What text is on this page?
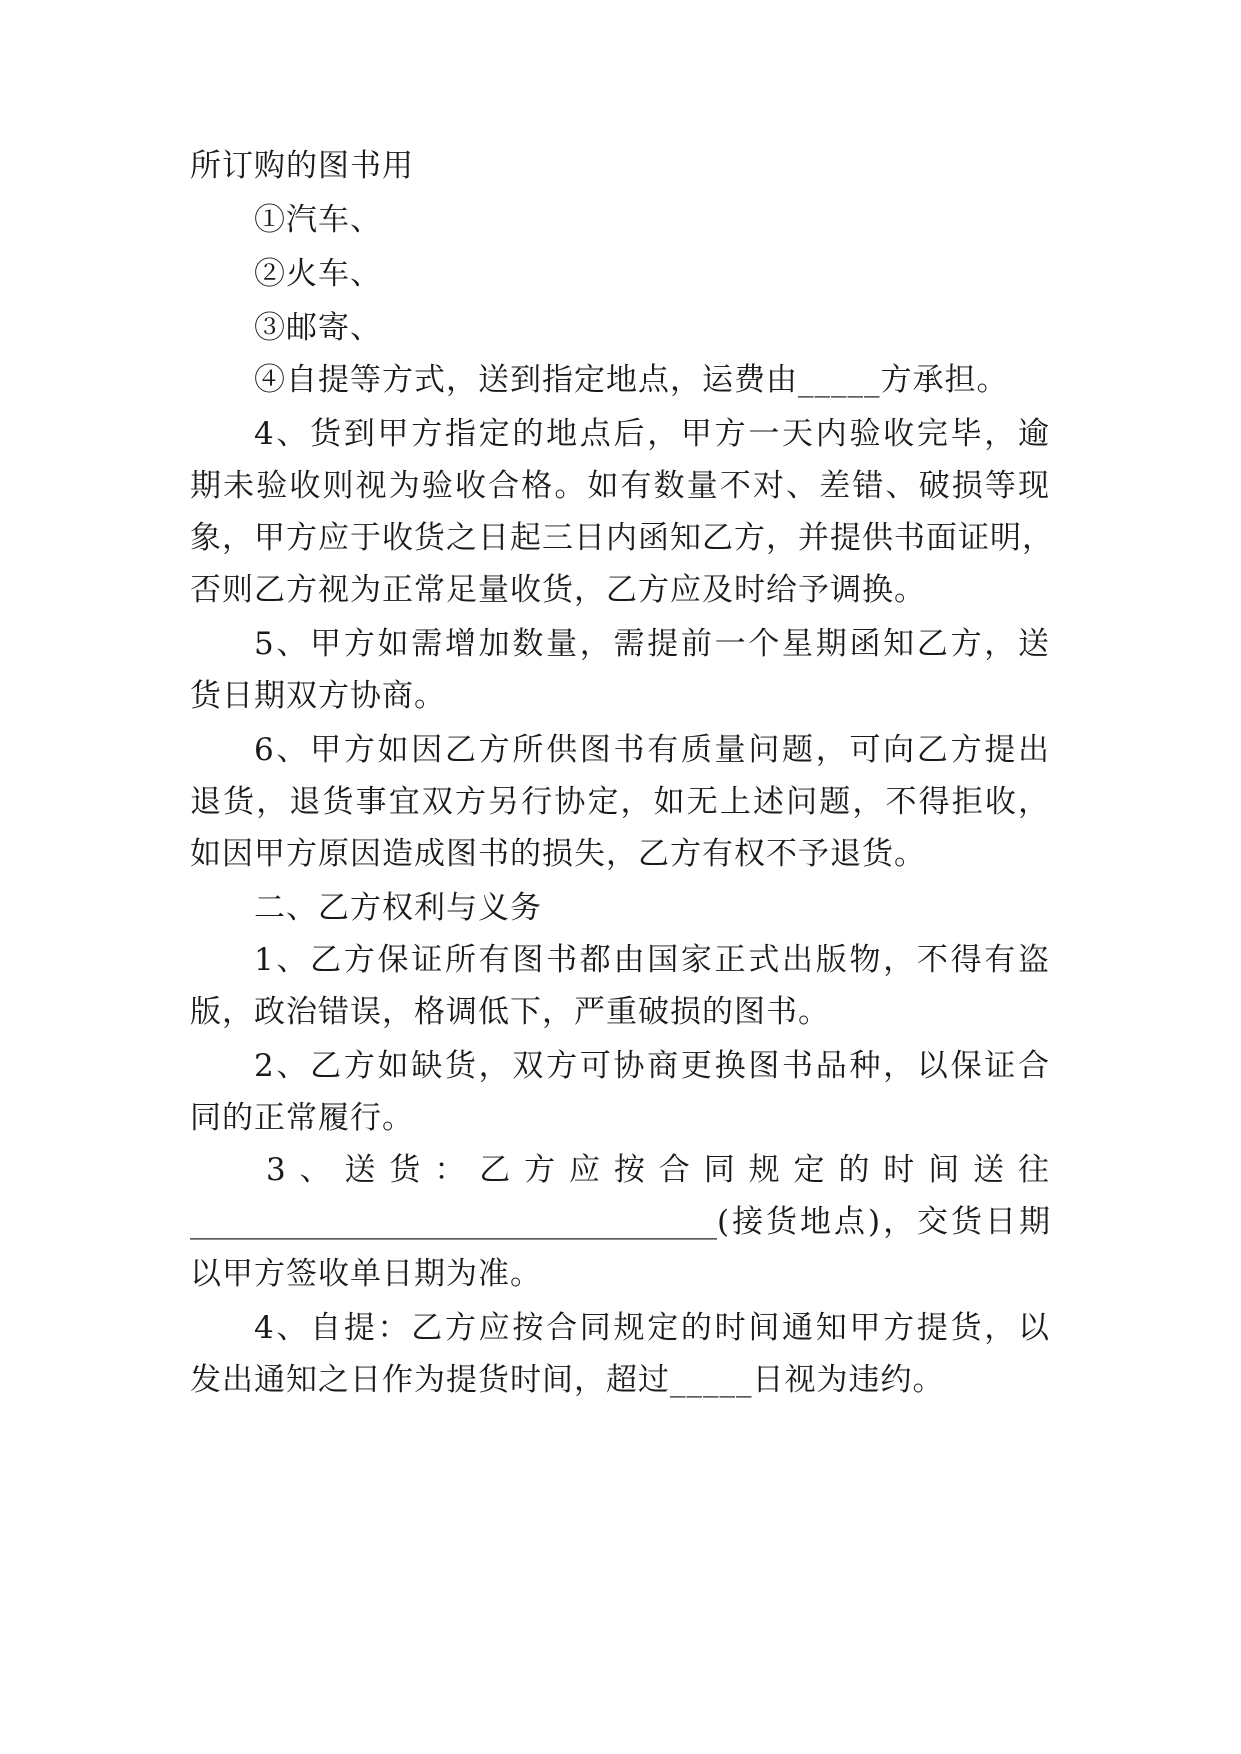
所订购的图书用
①汽车、
②火车、
③邮寄、
④自提等方式，送到指定地点，运费由_____方承担。
4、货到甲方指定的地点后，甲方一天内验收完毕，逾
期未验收则视为验收合格。如有数量不对、差错、破损等现
象，甲方应于收货之日起三日内函知乙方，并提供书面证明，
否则乙方视为正常足量收货，乙方应及时给予调换。
5、甲方如需增加数量，需提前一个星期函知乙方，送
货日期双方协商。
6、甲方如因乙方所供图书有质量问题，可向乙方提出
退货，退货事宜双方另行协定，如无上述问题，不得拒收，
如因甲方原因造成图书的损失，乙方有权不予退货。
二、乙方权利与义务
1、乙方保证所有图书都由国家正式出版物，不得有盗
版，政治错误，格调低下，严重破损的图书。
2、乙方如缺货，双方可协商更换图书品种，以保证合
同的正常履行。
3、送货：乙方应按合同规定的时间送往
__________________________________(接货地点)，交货日期
以甲方签收单日期为准。
4、自提：乙方应按合同规定的时间通知甲方提货，以
发出通知之日作为提货时间，超过_____日视为违约。
